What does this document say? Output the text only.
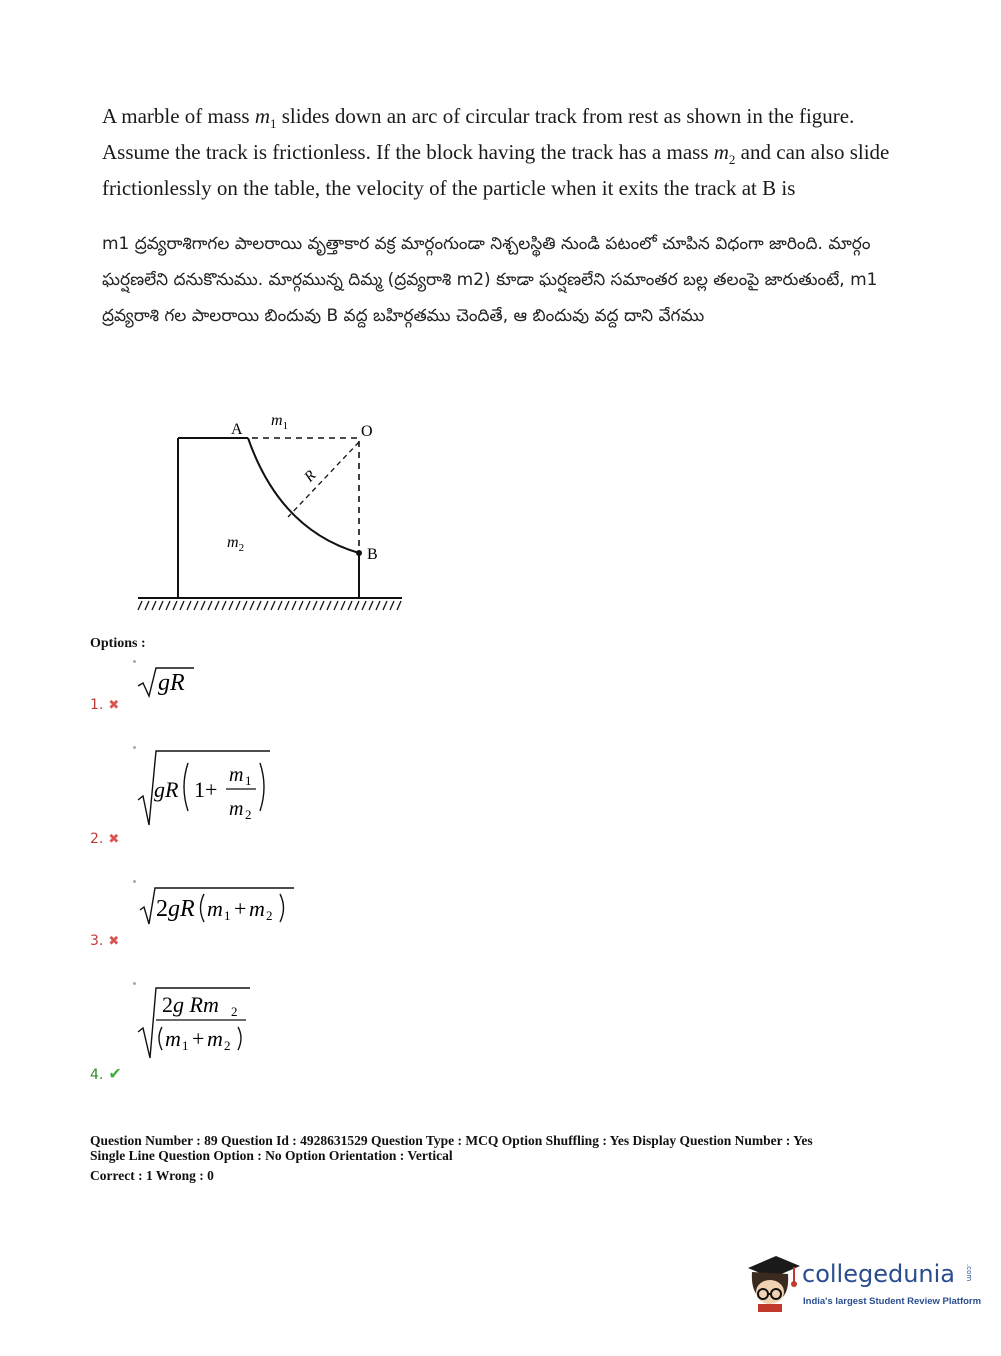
A marble of mass $m_1$ slides down an arc of circular track from rest as shown in the figure. Assume the track is frictionless. If the block having the track has a mass $m_2$ and can also slide frictionlessly on the table, the velocity of the particle when it exits the track at B is
m1 ద్రవ్యరాశిగాగల పాలరాయి వృత్తాకార వక్ర మార్గంగుండా నిశ్చలస్థితి నుండి పటంలో చూపిన విధంగా జారింది. మార్గం ఘర్షణలేని దనుకొనుము. మార్గమున్న దిమ్మ (ద్రవ్యరాశి m2) కూడా ఘర్షణలేని సమాంతర బల్ల తలంపై జారుతుంటే, m1 ద్రవ్యరాశి గల పాలరాయి బిందువు B వద్ద బహిర్గతము చెందితే, ఆ బిందువు వద్ద దాని వేగము
A
$m_1$	O
R
$m_2$	B
Options :
1. ✖
gR
2. ✖
gR 1+
m 1
m 2
3. ✖
2gR m 1 + m 2
4. ✔
2g Rm 2
m 1 + m 2
Question Number : 89 Question Id : 4928631529 Question Type : MCQ Option Shuffling : Yes Display Question Number : Yes
Single Line Question Option : No Option Orientation : Vertical
Correct : 1 Wrong : 0
collegedunia .com
India's largest Student Review Platform
